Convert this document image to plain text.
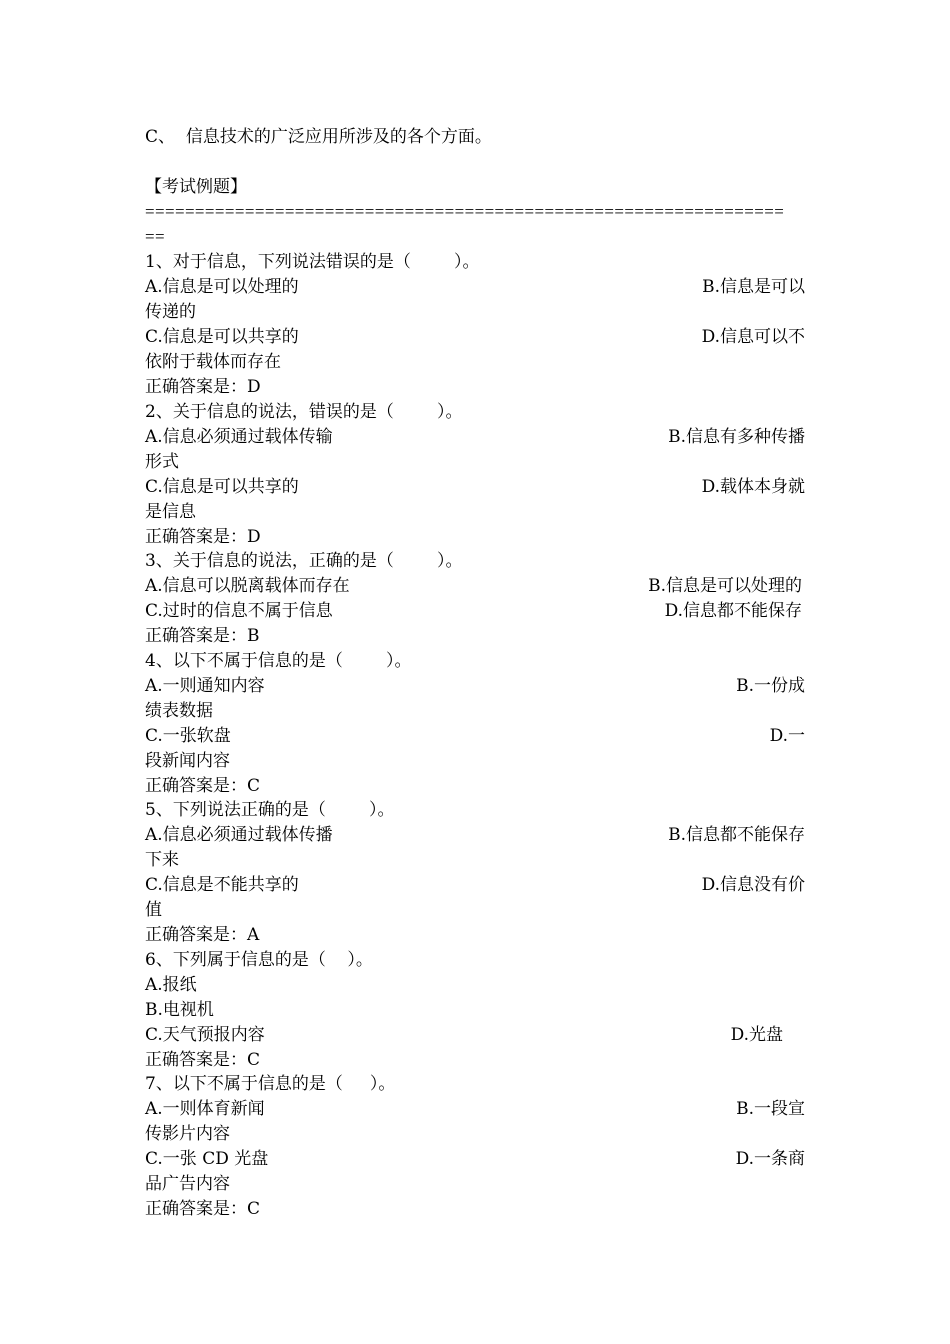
C、  信息技术的广泛应用所涉及的各个方面。
【考试例题】
================================================================
==
1、对于信息，下列说法错误的是（        ）。
A.信息是可以处理的	B.信息是可以
传递的
C.信息是可以共享的	D.信息可以不
依附于载体而存在
正确答案是：D
2、关于信息的说法，错误的是（        ）。
A.信息必须通过载体传输	B.信息有多种传播
形式
C.信息是可以共享的	D.载体本身就
是信息
正确答案是：D
3、关于信息的说法，正确的是（        ）。
A.信息可以脱离载体而存在	B.信息是可以处理的
C.过时的信息不属于信息	D.信息都不能保存
正确答案是：B
4、以下不属于信息的是（        ）。
A.一则通知内容	B.一份成
绩表数据
C.一张软盘	D.一
段新闻内容
正确答案是：C
5、下列说法正确的是（        ）。
A.信息必须通过载体传播	B.信息都不能保存
下来
C.信息是不能共享的	D.信息没有价
值
正确答案是：A
6、下列属于信息的是（    ）。
A.报纸
B.电视机
C.天气预报内容	D.光盘
正确答案是：C
7、以下不属于信息的是（     ）。
A.一则体育新闻	B.一段宣
传影片内容
C.一张 CD 光盘	D.一条商
品广告内容
正确答案是：C
